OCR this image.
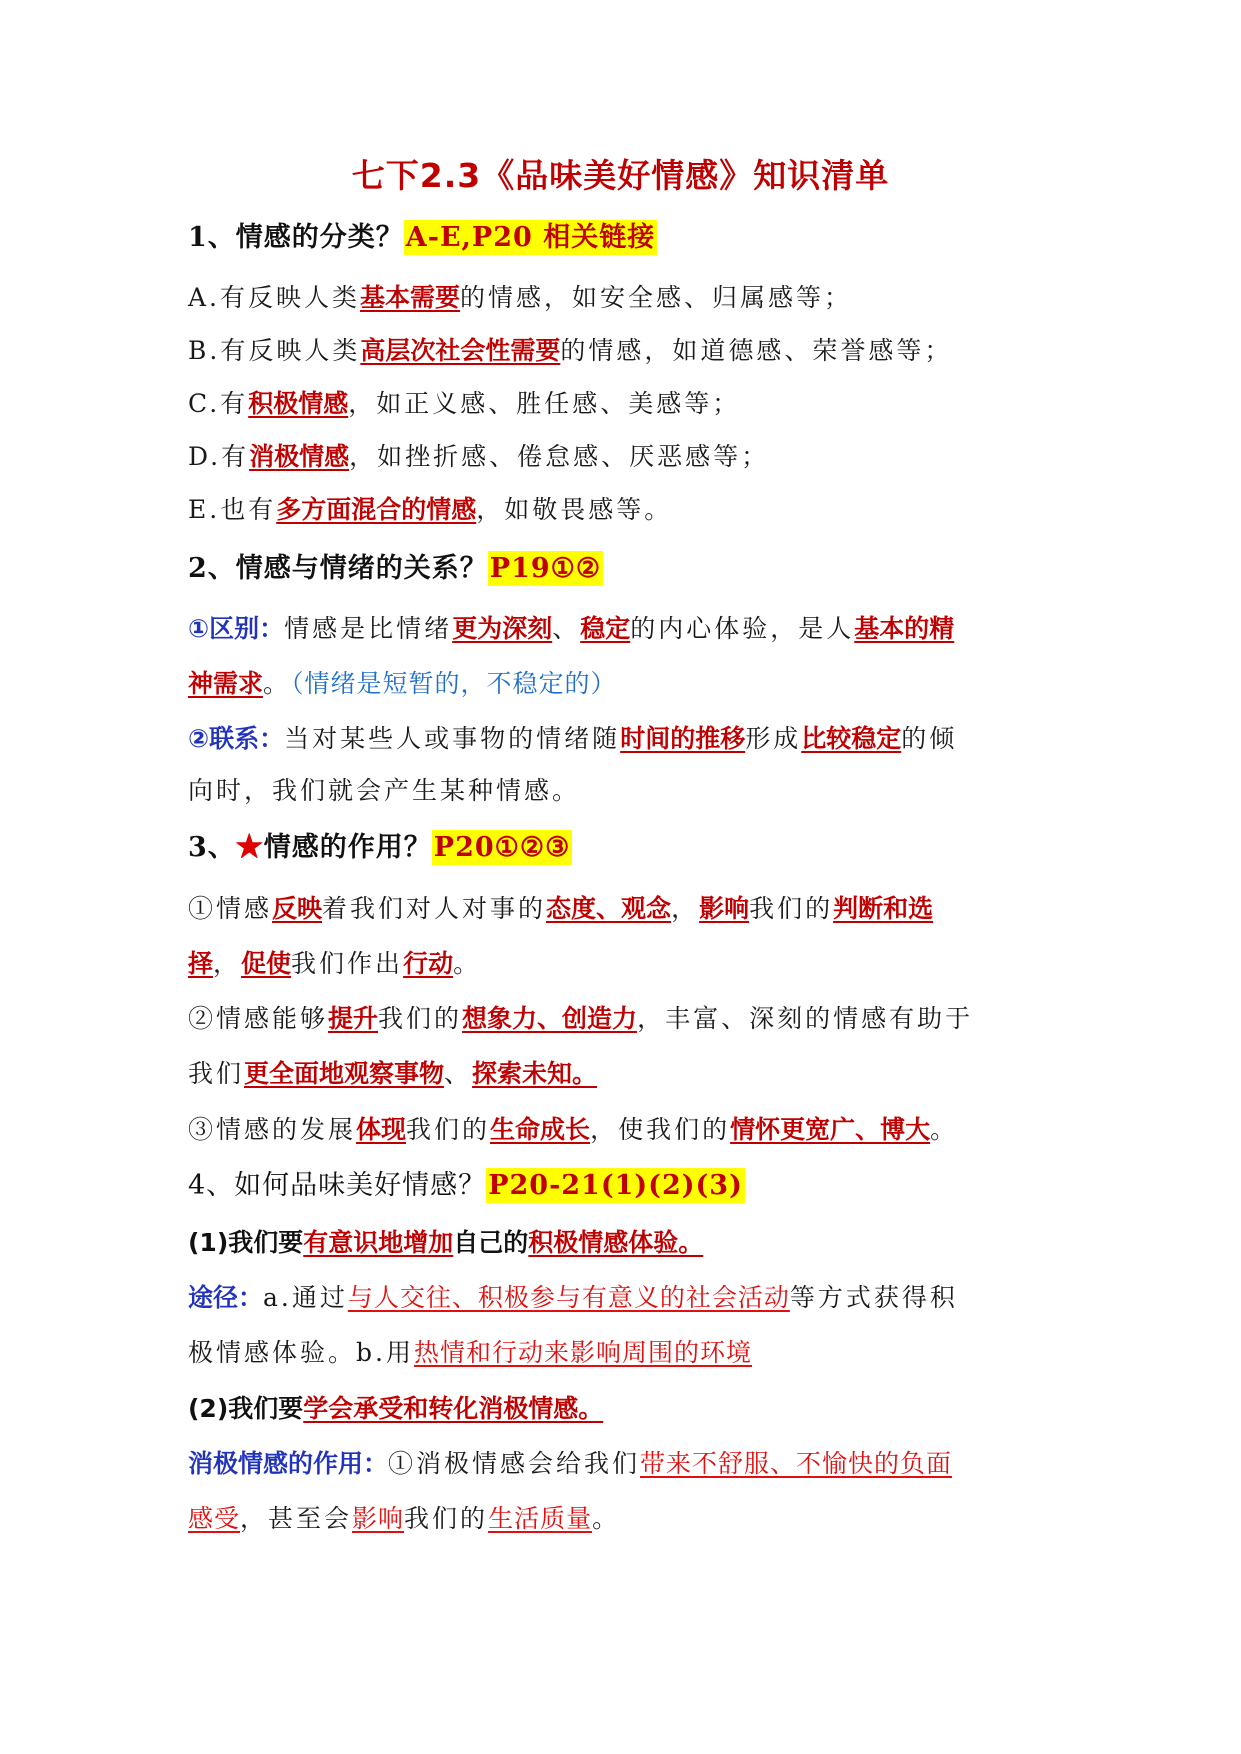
七下2.3《品味美好情感》知识清单
1、情感的分类？A-E,P20 相关链接
A.有反映人类基本需要的情感，如安全感、归属感等；
B.有反映人类高层次社会性需要的情感，如道德感、荣誉感等；
C.有积极情感，如正义感、胜任感、美感等；
D.有消极情感，如挫折感、倦怠感、厌恶感等；
E.也有多方面混合的情感，如敬畏感等。
2、情感与情绪的关系？P19①②
①区别：情感是比情绪更为深刻、稳定的内心体验，是人基本的精
神需求。（情绪是短暂的，不稳定的）
②联系：当对某些人或事物的情绪随时间的推移形成比较稳定的倾
向时，我们就会产生某种情感。
3、★情感的作用？P20①②③
①情感反映着我们对人对事的态度、观念，影响我们的判断和选
择，促使我们作出行动。
②情感能够提升我们的想象力、创造力，丰富、深刻的情感有助于
我们更全面地观察事物、探索未知。
③情感的发展体现我们的生命成长，使我们的情怀更宽广、博大。
4、如何品味美好情感？P20-21(1)(2)(3)
(1)我们要有意识地增加自己的积极情感体验。
途径：a.通过与人交往、积极参与有意义的社会活动等方式获得积
极情感体验。b.用热情和行动来影响周围的环境
(2)我们要学会承受和转化消极情感。
消极情感的作用：①消极情感会给我们带来不舒服、不愉快的负面
感受，甚至会影响我们的生活质量。
